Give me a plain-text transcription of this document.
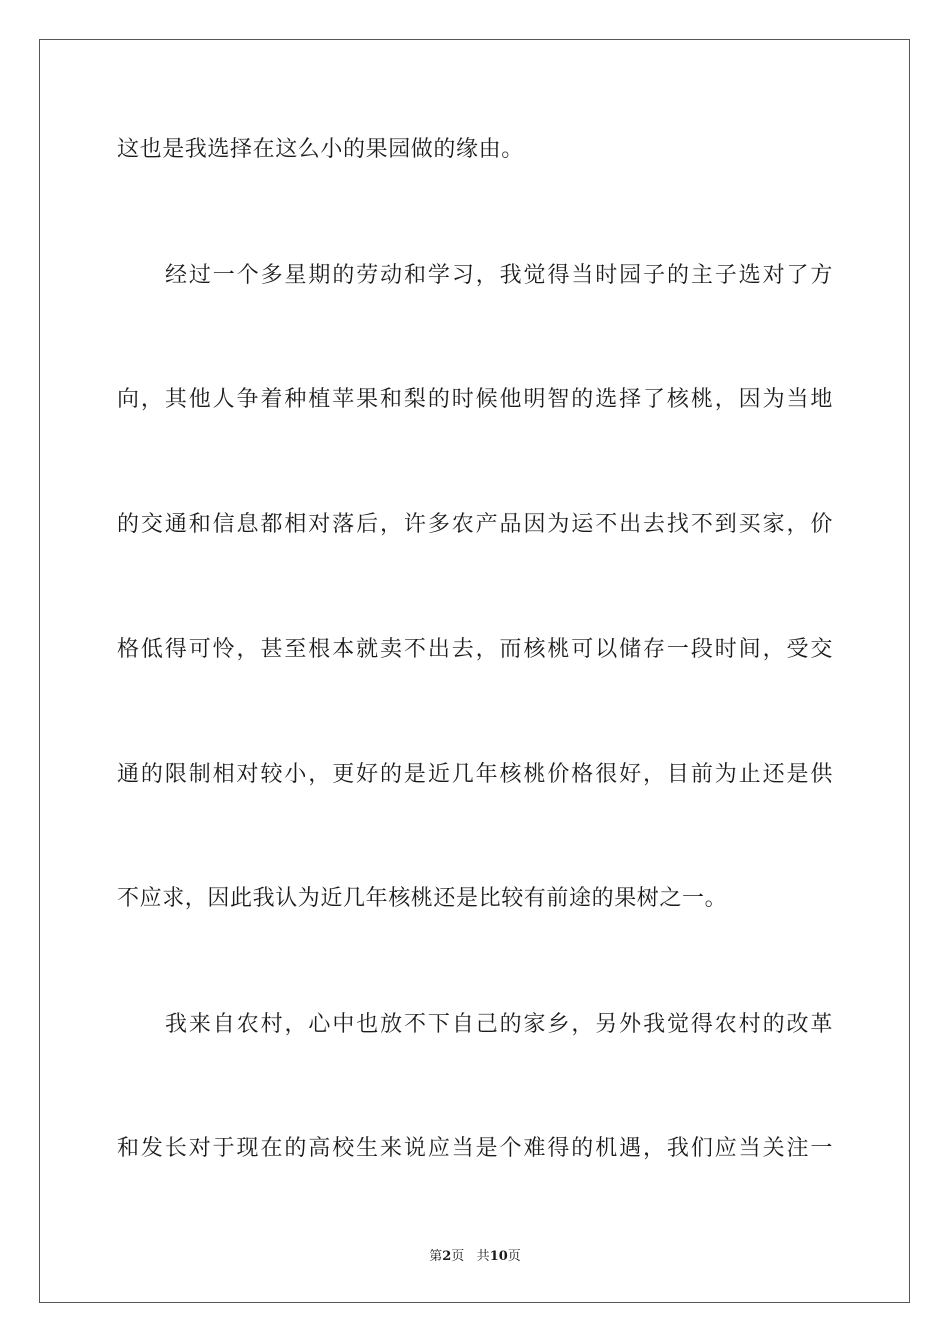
这也是我选择在这么小的果园做的缘由。
经过一个多星期的劳动和学习，我觉得当时园子的主子选对了方
向，其他人争着种植苹果和梨的时候他明智的选择了核桃，因为当地
的交通和信息都相对落后，许多农产品因为运不出去找不到买家，价
格低得可怜，甚至根本就卖不出去，而核桃可以储存一段时间，受交
通的限制相对较小，更好的是近几年核桃价格很好，目前为止还是供
不应求，因此我认为近几年核桃还是比较有前途的果树之一。
我来自农村，心中也放不下自己的家乡，另外我觉得农村的改革
和发长对于现在的高校生来说应当是个难得的机遇，我们应当关注一
第2页 共10页
